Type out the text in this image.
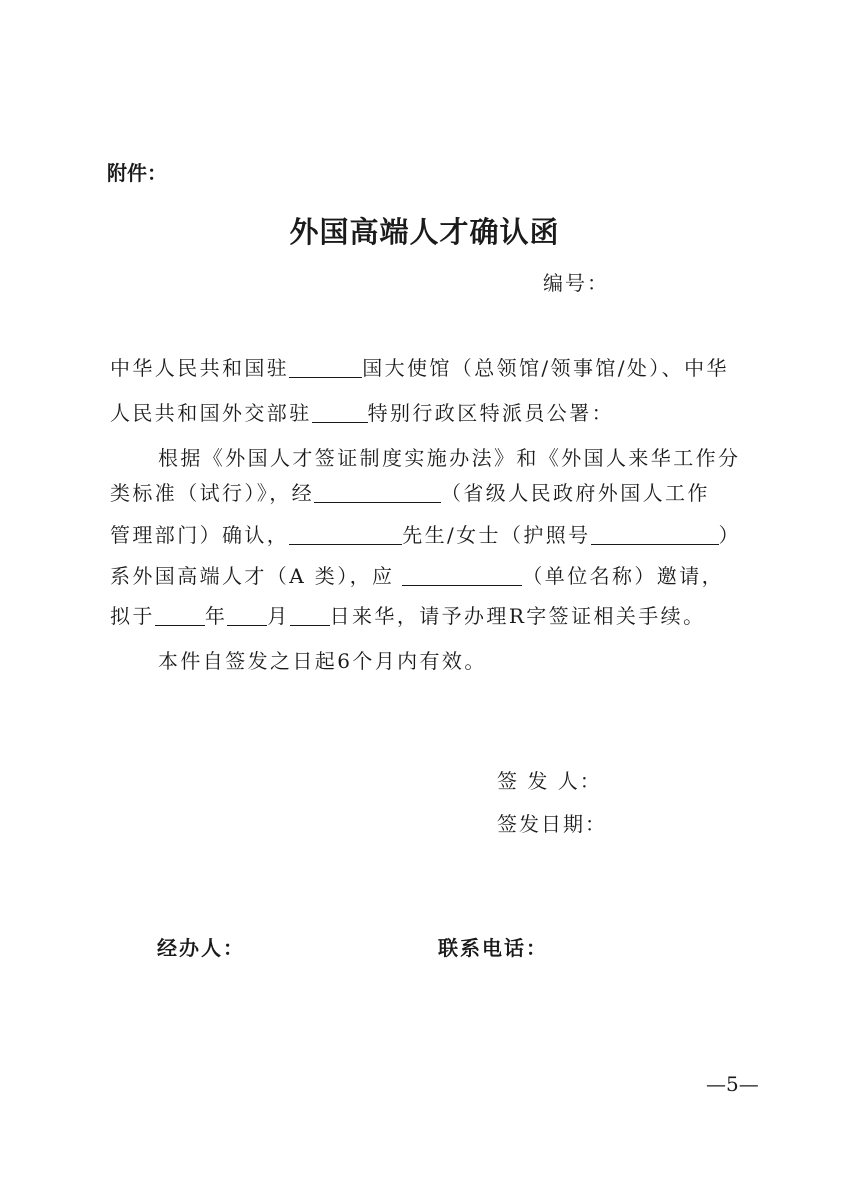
附件：
外国高端人才确认函
编号：
中华人民共和国驻	国大使馆（总领馆/领事馆/处）、中华
人民共和国外交部驻	特别行政区特派员公署：
根据《外国人才签证制度实施办法》和《外国人来华工作分
类标准（试行）》，经	（省级人民政府外国人工作
管理部门）确认，	先生/女士（护照号	）
系外国高端人才（A 类），应	（单位名称）邀请，
拟于	年 月 日来华，请予办理R字签证相关手续。
本件自签发之日起6个月内有效。
签 发 人：
签发日期：
经办人：	联系电话：
—5—
